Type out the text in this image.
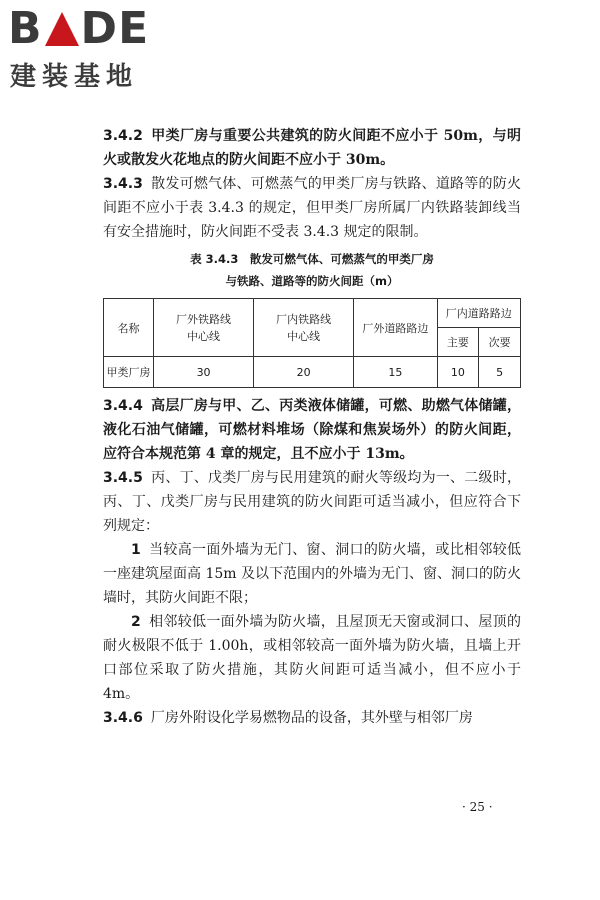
B DE
建装基地

3.4.2 甲类厂房与重要公共建筑的防火间距不应小于 50m，与明火或散发火花地点的防火间距不应小于 30m。

3.4.3 散发可燃气体、可燃蒸气的甲类厂房与铁路、道路等的防火间距不应小于表 3.4.3 的规定，但甲类厂房所属厂内铁路装卸线当有安全措施时，防火间距不受表 3.4.3 规定的限制。

表 3.4.3　散发可燃气体、可燃蒸气的甲类厂房
与铁路、道路等的防火间距（m）
名称	厂外铁路线中心线	厂内铁路线中心线	厂外道路路边	厂内道路路边	
				主要	次要
甲类厂房	30	20	15	10	5

3.4.4 高层厂房与甲、乙、丙类液体储罐，可燃、助燃气体储罐，液化石油气储罐，可燃材料堆场（除煤和焦炭场外）的防火间距，应符合本规范第 4 章的规定，且不应小于 13m。

3.4.5 丙、丁、戊类厂房与民用建筑的耐火等级均为一、二级时，丙、丁、戊类厂房与民用建筑的防火间距可适当减小，但应符合下列规定：

1 当较高一面外墙为无门、窗、洞口的防火墙，或比相邻较低一座建筑屋面高 15m 及以下范围内的外墙为无门、窗、洞口的防火墙时，其防火间距不限；

2 相邻较低一面外墙为防火墙，且屋顶无天窗或洞口、屋顶的耐火极限不低于 1.00h，或相邻较高一面外墙为防火墙，且墙上开口部位采取了防火措施，其防火间距可适当减小，但不应小于 4m。

3.4.6 厂房外附设化学易燃物品的设备，其外壁与相邻厂房

· 25 ·
